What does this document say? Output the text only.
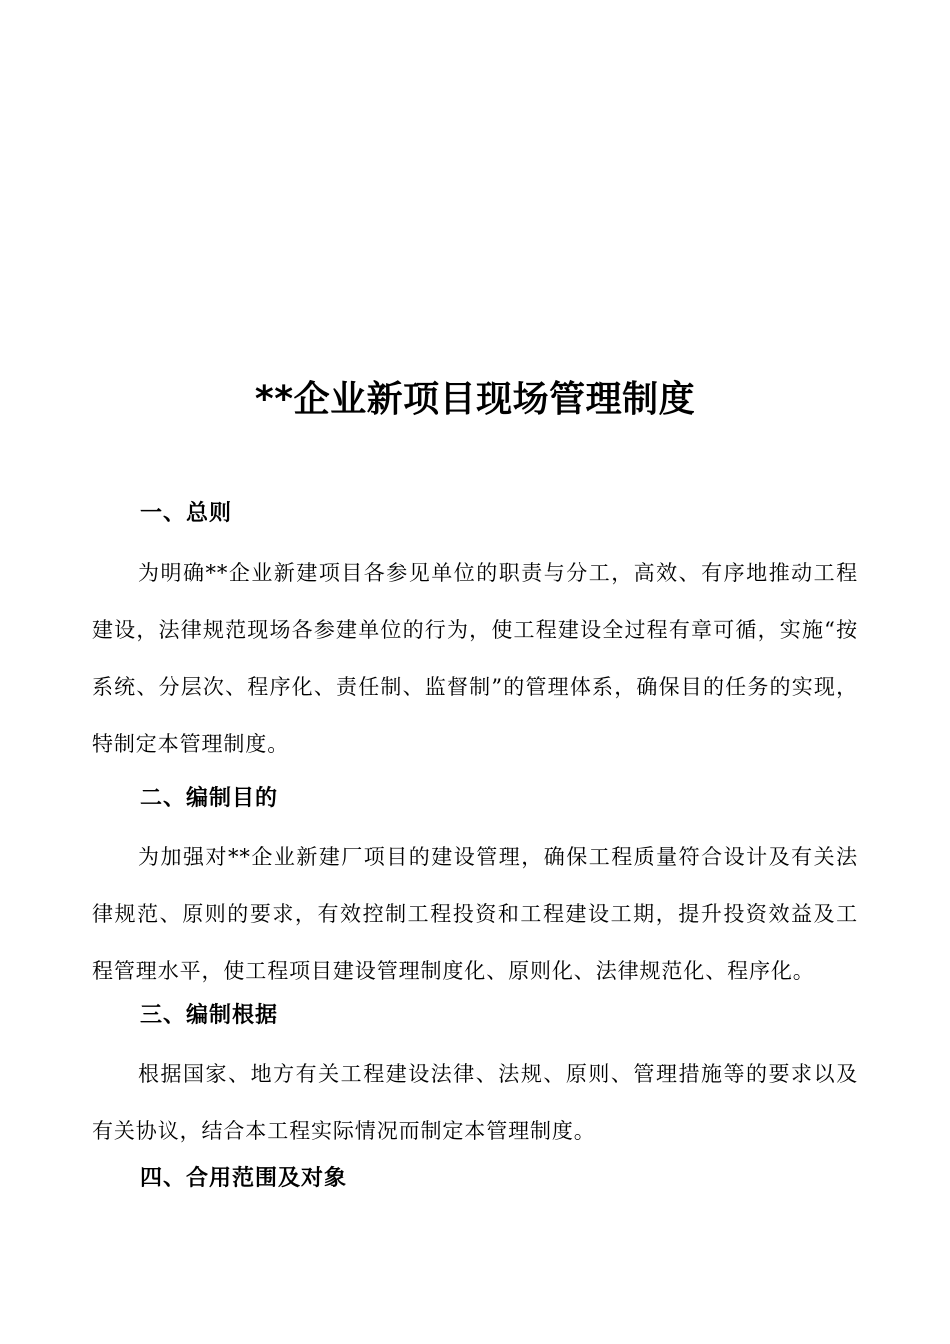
**企业新项目现场管理制度
一、总则
为明确**企业新建项目各参见单位的职责与分工，高效、有序地推动工程建设，法律规范现场各参建单位的行为，使工程建设全过程有章可循，实施“按系统、分层次、程序化、责任制、监督制”的管理体系，确保目的任务的实现，特制定本管理制度。
二、编制目的
为加强对**企业新建厂项目的建设管理，确保工程质量符合设计及有关法律规范、原则的要求，有效控制工程投资和工程建设工期，提升投资效益及工程管理水平，使工程项目建设管理制度化、原则化、法律规范化、程序化。
三、编制根据
根据国家、地方有关工程建设法律、法规、原则、管理措施等的要求以及有关协议，结合本工程实际情况而制定本管理制度。
四、合用范围及对象
